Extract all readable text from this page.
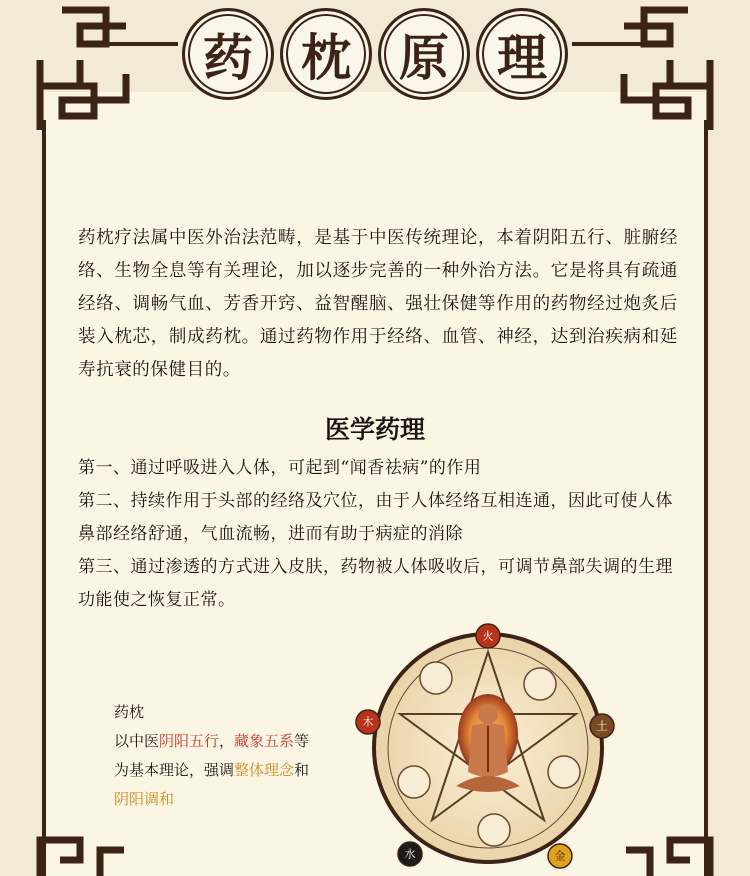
药 枕 原 理

药枕疗法属中医外治法范畴，是基于中医传统理论，本着阴阳五行、脏腑经络、生物全息等有关理论，加以逐步完善的一种外治方法。它是将具有疏通经络、调畅气血、芳香开窍、益智醒脑、强壮保健等作用的药物经过炮炙后装入枕芯，制成药枕。通过药物作用于经络、血管、神经，达到治疾病和延寿抗衰的保健目的。

医学药理

第一、通过呼吸进入人体，可起到“闻香祛病”的作用

第二、持续作用于头部的经络及穴位，由于人体经络互相连通，因此可使人体鼻部经络舒通，气血流畅，进而有助于病症的消除

第三、通过渗透的方式进入皮肤，药物被人体吸收后，可调节鼻部失调的生理功能使之恢复正常。

药枕

以中医阴阳五行，藏象五系等

为基本理论，强调整体理念和

阴阳调和

火
木	土
金
水
